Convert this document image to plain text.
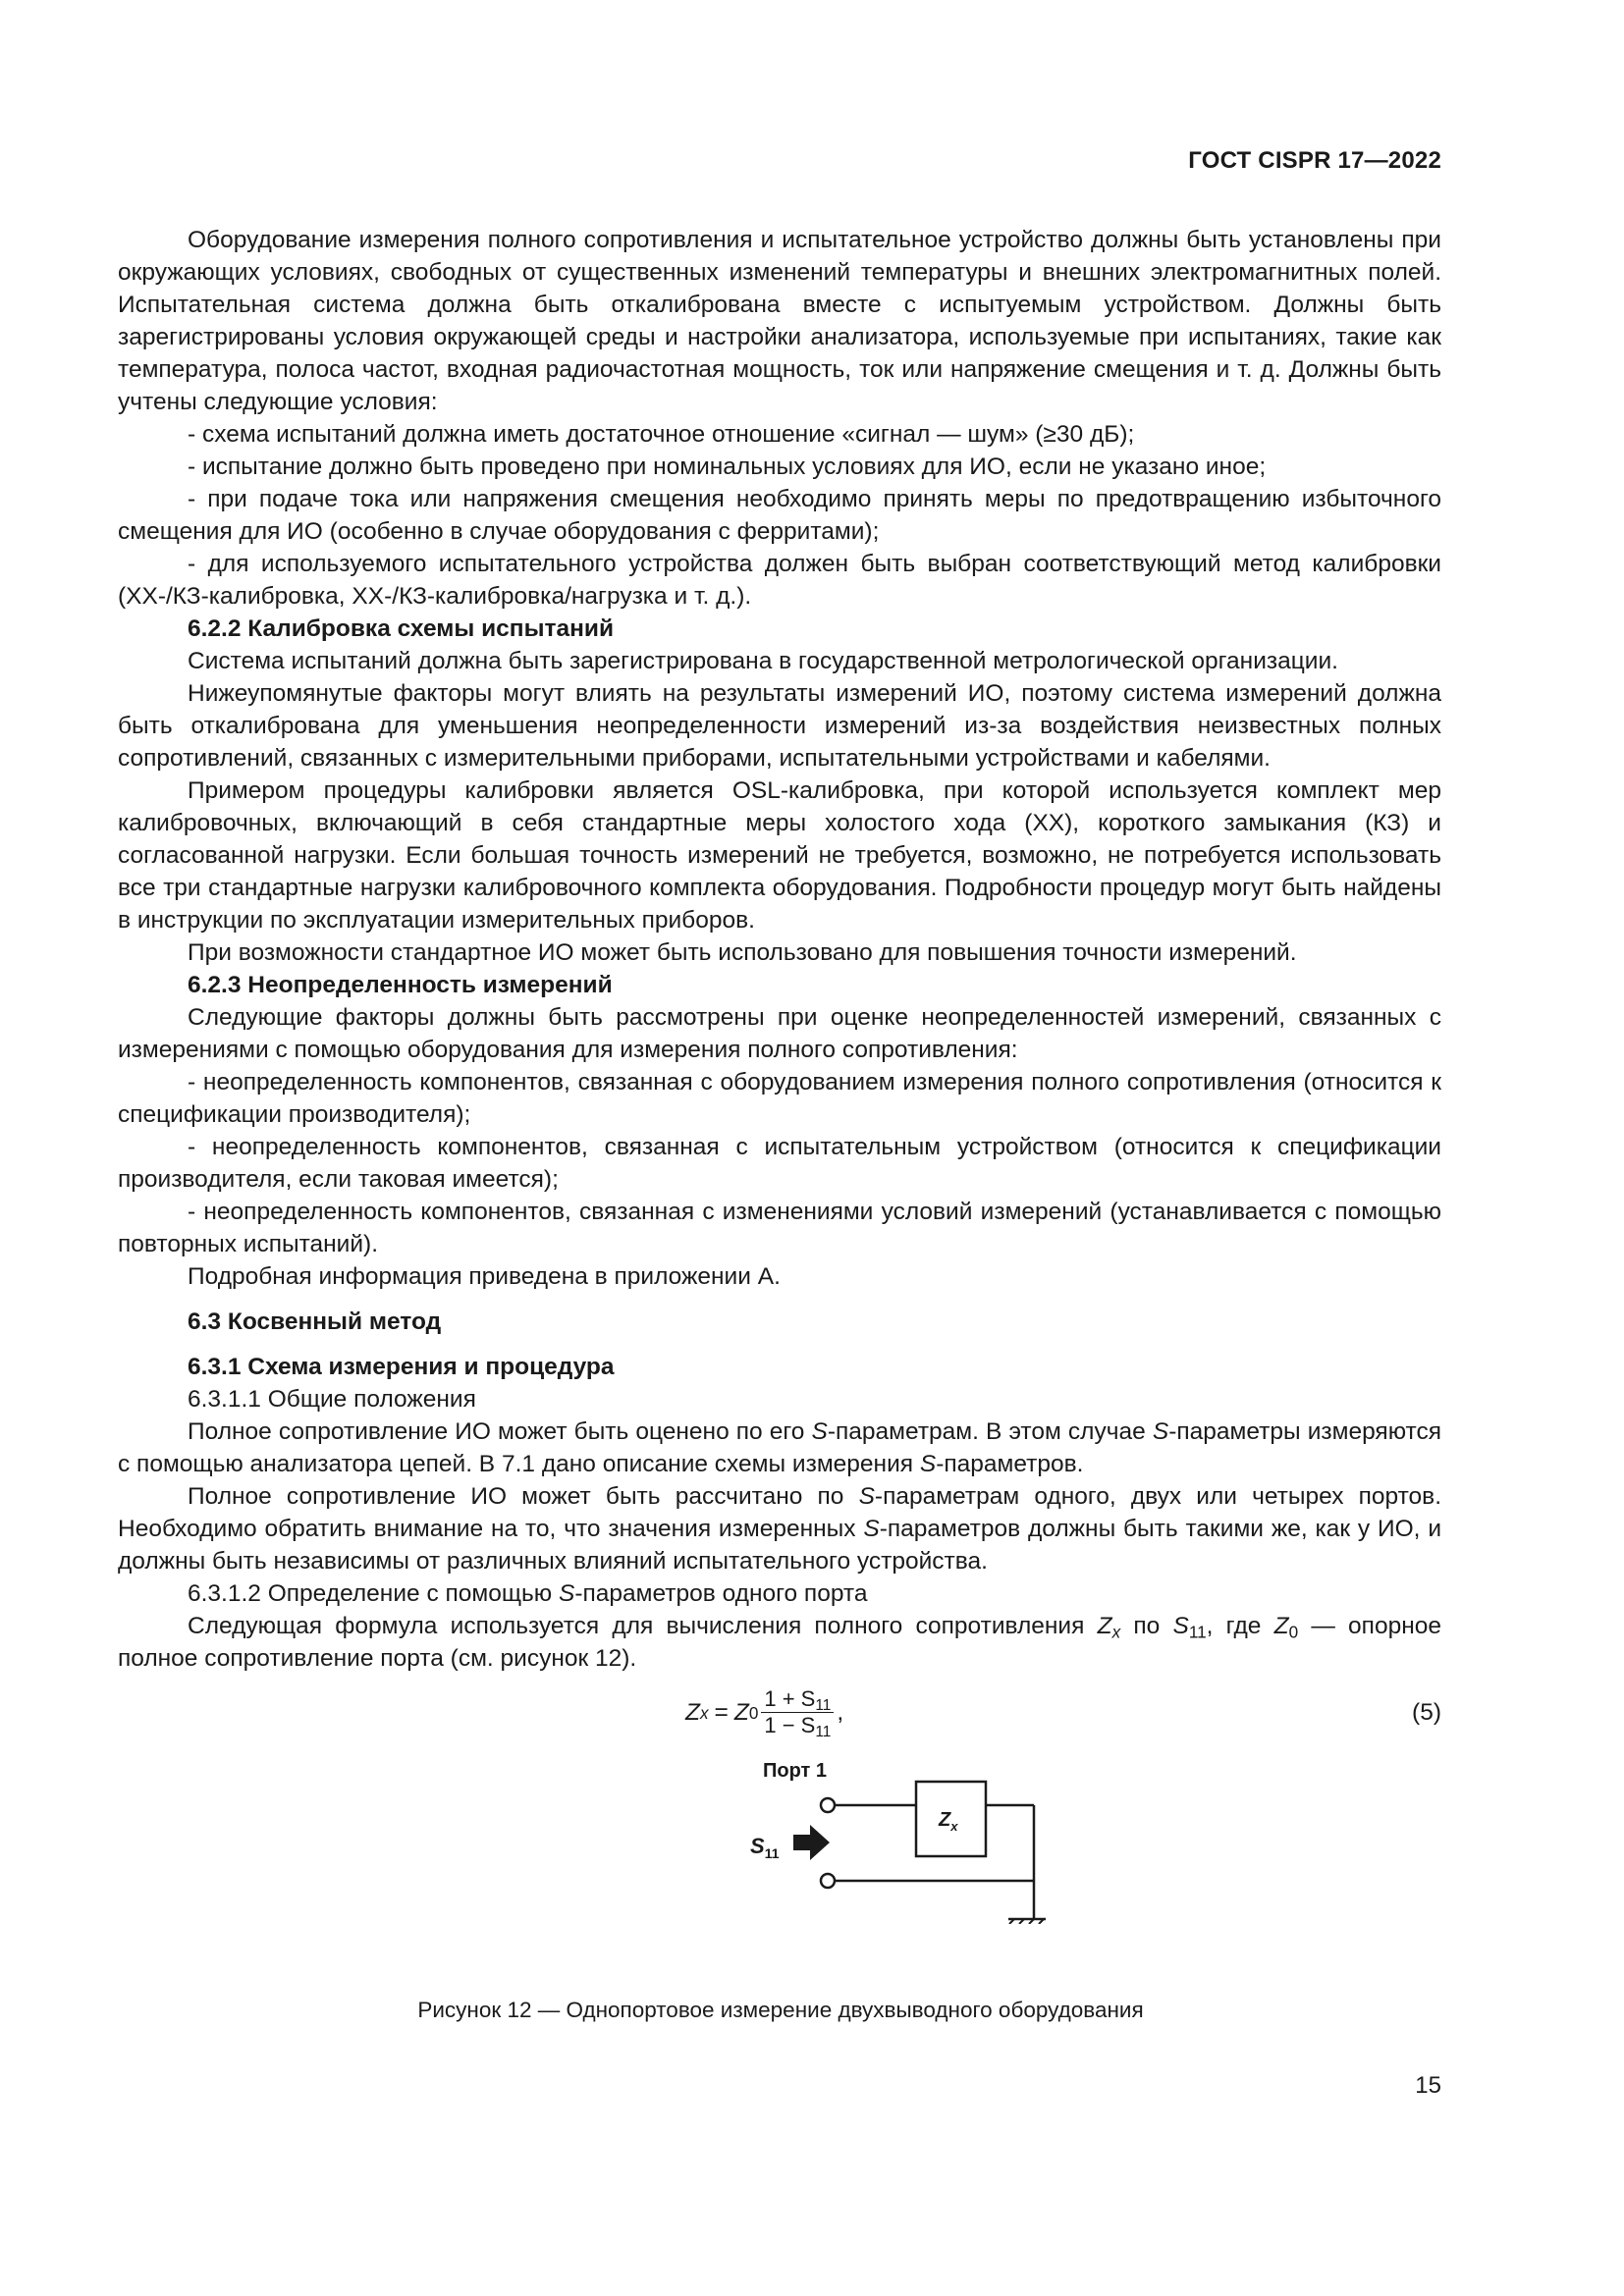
ГОСТ CISPR 17—2022

Оборудование измерения полного сопротивления и испытательное устройство должны быть установлены при окружающих условиях, свободных от существенных изменений температуры и внешних электромагнитных полей. Испытательная система должна быть откалибрована вместе с испытуемым устройством. Должны быть зарегистрированы условия окружающей среды и настройки анализатора, используемые при испытаниях, такие как температура, полоса частот, входная радиочастотная мощность, ток или напряжение смещения и т. д. Должны быть учтены следующие условия:

- схема испытаний должна иметь достаточное отношение «сигнал — шум» (≥30 дБ);

- испытание должно быть проведено при номинальных условиях для ИО, если не указано иное;

- при подаче тока или напряжения смещения необходимо принять меры по предотвращению избыточного смещения для ИО (особенно в случае оборудования с ферритами);

- для используемого испытательного устройства должен быть выбран соответствующий метод калибровки (XX-/КЗ-калибровка, XX-/КЗ-калибровка/нагрузка и т. д.).

6.2.2 Калибровка схемы испытаний

Система испытаний должна быть зарегистрирована в государственной метрологической организации.

Нижеупомянутые факторы могут влиять на результаты измерений ИО, поэтому система измерений должна быть откалибрована для уменьшения неопределенности измерений из-за воздействия неизвестных полных сопротивлений, связанных с измерительными приборами, испытательными устройствами и кабелями.

Примером процедуры калибровки является OSL-калибровка, при которой используется комплект мер калибровочных, включающий в себя стандартные меры холостого хода (XX), короткого замыкания (КЗ) и согласованной нагрузки. Если большая точность измерений не требуется, возможно, не потребуется использовать все три стандартные нагрузки калибровочного комплекта оборудования. Подробности процедур могут быть найдены в инструкции по эксплуатации измерительных приборов.

При возможности стандартное ИО может быть использовано для повышения точности измерений.

6.2.3 Неопределенность измерений

Следующие факторы должны быть рассмотрены при оценке неопределенностей измерений, связанных с измерениями с помощью оборудования для измерения полного сопротивления:

- неопределенность компонентов, связанная с оборудованием измерения полного сопротивления (относится к спецификации производителя);

- неопределенность компонентов, связанная с испытательным устройством (относится к спецификации производителя, если таковая имеется);

- неопределенность компонентов, связанная с изменениями условий измерений (устанавливается с помощью повторных испытаний).

Подробная информация приведена в приложении А.

6.3 Косвенный метод

6.3.1 Схема измерения и процедура

6.3.1.1 Общие положения

Полное сопротивление ИО может быть оценено по его S-параметрам. В этом случае S-параметры измеряются с помощью анализатора цепей. В 7.1 дано описание схемы измерения S-параметров.

Полное сопротивление ИО может быть рассчитано по S-параметрам одного, двух или четырех портов. Необходимо обратить внимание на то, что значения измеренных S-параметров должны быть такими же, как у ИО, и должны быть независимы от различных влияний испытательного устройства.

6.3.1.2 Определение с помощью S-параметров одного порта

Следующая формула используется для вычисления полного сопротивления $Z_x$ по $S_{11}$, где $Z_0$ — опорное полное сопротивление порта (см. рисунок 12).

Z x = Z $0 \frac{1 + S_{11}}{1 - S_{11}}$ ,	(5)
Порт 1
$Z_x$
$S_{11}$
Рисунок 12 — Однопортовое измерение двухвыводного оборудования
15
